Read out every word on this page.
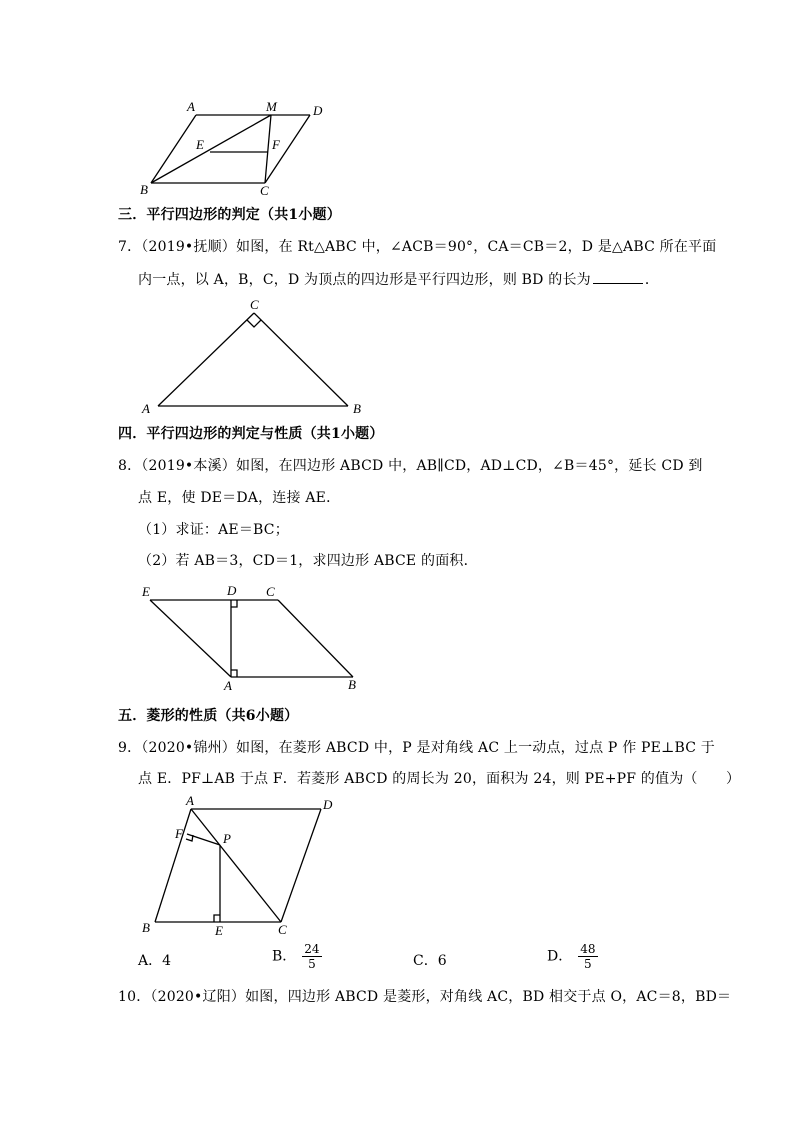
A	M	D
E	F
B	C
三．平行四边形的判定（共1小题）
7．（2019•抚顺）如图，在 Rt△ABC 中，∠ACB＝90°，CA＝CB＝2，D 是△ABC 所在平面
内一点，以 A，B，C，D 为顶点的四边形是平行四边形，则 BD 的长为	．
C
A	B
四．平行四边形的判定与性质（共1小题）
8．（2019•本溪）如图，在四边形 ABCD 中，AB∥CD，AD⊥CD，∠B＝45°，延长 CD 到
点 E，使 DE＝DA，连接 AE．
（1）求证：AE＝BC；
（2）若 AB＝3，CD＝1，求四边形 ABCE 的面积．
E	D C
A	B
五．菱形的性质（共6小题）
9．（2020•锦州）如图，在菱形 ABCD 中，P 是对角线 AC 上一动点，过点 P 作 PE⊥BC 于
点 E．PF⊥AB 于点 F．若菱形 ABCD 的周长为 20，面积为 24，则 PE+PF 的值为（　　）
A	D
F	P
B	E	C
A．4	B． $\frac{24}{5}$	C．6	D． $\frac{48}{5}$
10．（2020•辽阳）如图，四边形 ABCD 是菱形，对角线 AC，BD 相交于点 O，AC＝8，BD＝
